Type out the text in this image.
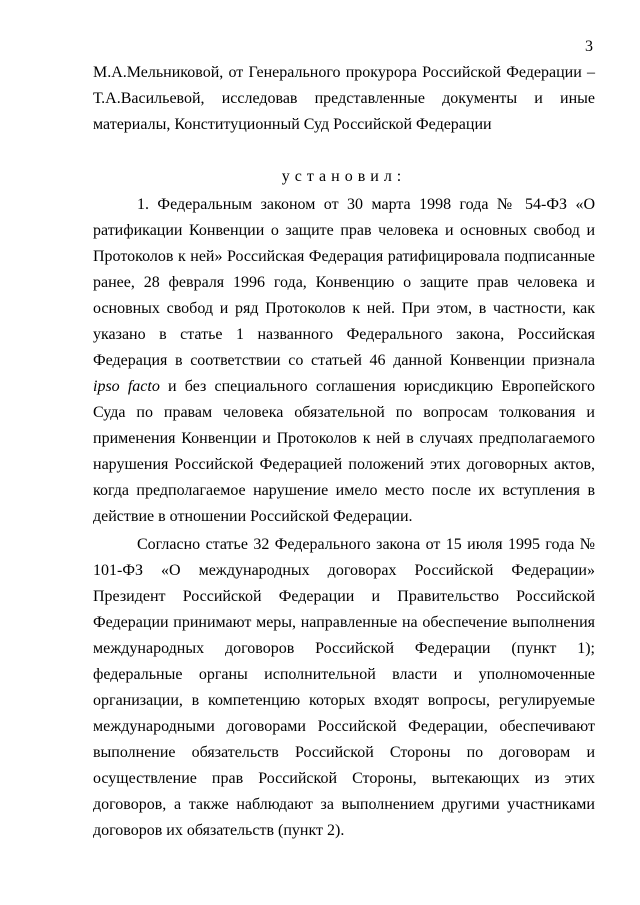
3

М.А.Мельниковой, от Генерального прокурора Российской Федерации – Т.А.Васильевой, исследовав представленные документы и иные материалы, Конституционный Суд Российской Федерации

установил:

1. Федеральным законом от 30 марта 1998 года № 54-ФЗ «О ратификации Конвенции о защите прав человека и основных свобод и Протоколов к ней» Российская Федерация ратифицировала подписанные ранее, 28 февраля 1996 года, Конвенцию о защите прав человека и основных свобод и ряд Протоколов к ней. При этом, в частности, как указано в статье 1 названного Федерального закона, Российская Федерация в соответствии со статьей 46 данной Конвенции признала ipso facto и без специального соглашения юрисдикцию Европейского Суда по правам человека обязательной по вопросам толкования и применения Конвенции и Протоколов к ней в случаях предполагаемого нарушения Российской Федерацией положений этих договорных актов, когда предполагаемое нарушение имело место после их вступления в действие в отношении Российской Федерации.

Согласно статье 32 Федерального закона от 15 июля 1995 года № 101-ФЗ «О международных договорах Российской Федерации» Президент Российской Федерации и Правительство Российской Федерации принимают меры, направленные на обеспечение выполнения международных договоров Российской Федерации (пункт 1); федеральные органы исполнительной власти и уполномоченные организации, в компетенцию которых входят вопросы, регулируемые международными договорами Российской Федерации, обеспечивают выполнение обязательств Российской Стороны по договорам и осуществление прав Российской Стороны, вытекающих из этих договоров, а также наблюдают за выполнением другими участниками договоров их обязательств (пункт 2).
